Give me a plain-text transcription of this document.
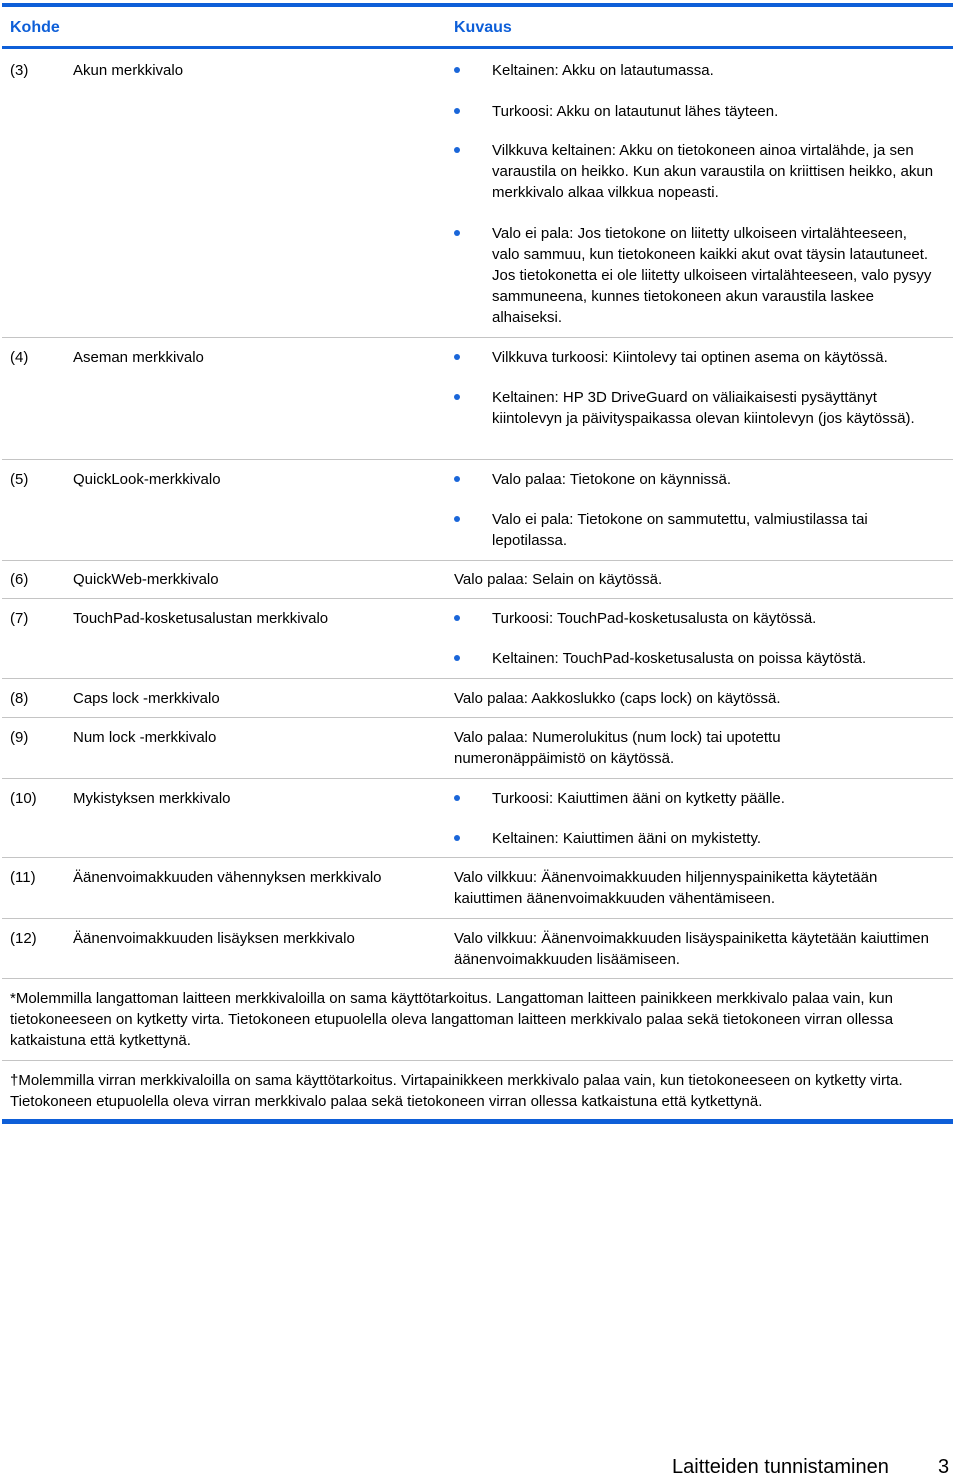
Kohde	Kuvaus
(3)	Akun merkkivalo	Keltainen: Akku on latautumassa.
Turkoosi: Akku on latautunut lähes täyteen.
Vilkkuva keltainen: Akku on tietokoneen ainoa virtalähde, ja sen varaustila on heikko. Kun akun varaustila on kriittisen heikko, akun merkkivalo alkaa vilkkua nopeasti.
Valo ei pala: Jos tietokone on liitetty ulkoiseen virtalähteeseen, valo sammuu, kun tietokoneen kaikki akut ovat täysin latautuneet. Jos tietokonetta ei ole liitetty ulkoiseen virtalähteeseen, valo pysyy sammuneena, kunnes tietokoneen akun varaustila laskee alhaiseksi.
(4)	Aseman merkkivalo	Vilkkuva turkoosi: Kiintolevy tai optinen asema on käytössä.
Keltainen: HP 3D DriveGuard on väliaikaisesti pysäyttänyt kiintolevyn ja päivityspaikassa olevan kiintolevyn (jos käytössä).
(5)	QuickLook-merkkivalo	Valo palaa: Tietokone on käynnissä.
Valo ei pala: Tietokone on sammutettu, valmiustilassa tai lepotilassa.
(6)	QuickWeb-merkkivalo	Valo palaa: Selain on käytössä.
(7)	TouchPad-kosketusalustan merkkivalo	Turkoosi: TouchPad-kosketusalusta on käytössä.
Keltainen: TouchPad-kosketusalusta on poissa käytöstä.
(8)	Caps lock -merkkivalo	Valo palaa: Aakkoslukko (caps lock) on käytössä.
(9)	Num lock -merkkivalo	Valo palaa: Numerolukitus (num lock) tai upotettu numeronäppäimistö on käytössä.
(10) Mykistyksen merkkivalo	Turkoosi: Kaiuttimen ääni on kytketty päälle.
Keltainen: Kaiuttimen ääni on mykistetty.
(11) Äänenvoimakkuuden vähennyksen merkkivalo	Valo vilkkuu: Äänenvoimakkuuden hiljennyspainiketta käytetään kaiuttimen äänenvoimakkuuden vähentämiseen.
(12) Äänenvoimakkuuden lisäyksen merkkivalo	Valo vilkkuu: Äänenvoimakkuuden lisäyspainiketta käytetään kaiuttimen äänenvoimakkuuden lisäämiseen.
*Molemmilla langattoman laitteen merkkivaloilla on sama käyttötarkoitus. Langattoman laitteen painikkeen merkkivalo palaa vain, kun tietokoneeseen on kytketty virta. Tietokoneen etupuolella oleva langattoman laitteen merkkivalo palaa sekä tietokoneen virran ollessa katkaistuna että kytkettynä.
†Molemmilla virran merkkivaloilla on sama käyttötarkoitus. Virtapainikkeen merkkivalo palaa vain, kun tietokoneeseen on kytketty virta. Tietokoneen etupuolella oleva virran merkkivalo palaa sekä tietokoneen virran ollessa katkaistuna että kytkettynä.
Laitteiden tunnistaminen 3
